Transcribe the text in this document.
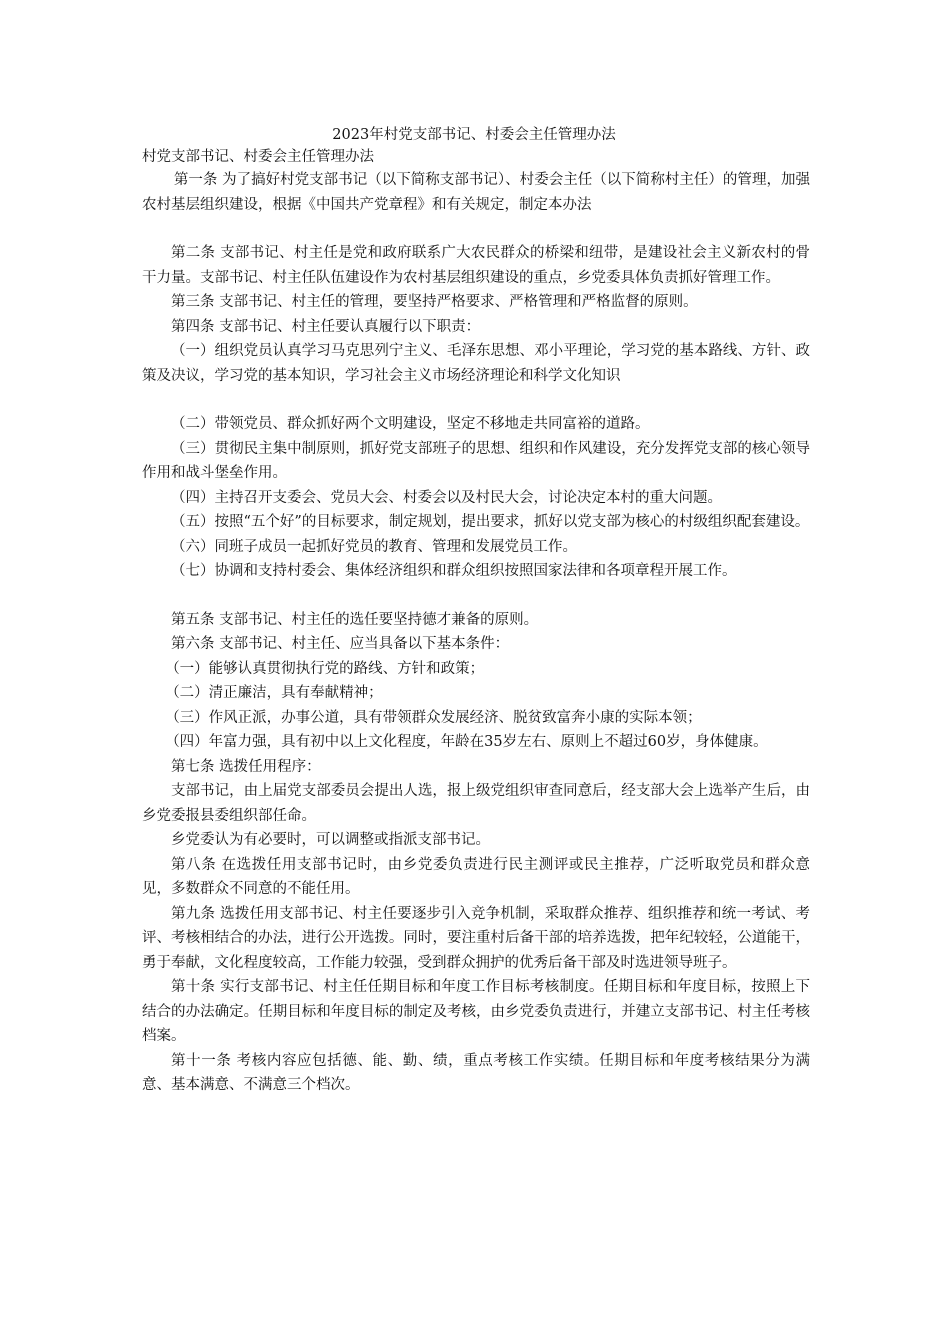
2023年村党支部书记、村委会主任管理办法

村党支部书记、村委会主任管理办法

第一条 为了搞好村党支部书记（以下简称支部书记）、村委会主任（以下简称村主任）的管理，加强农村基层组织建设，根据《中国共产党章程》和有关规定，制定本办法

第二条 支部书记、村主任是党和政府联系广大农民群众的桥梁和纽带，是建设社会主义新农村的骨干力量。支部书记、村主任队伍建设作为农村基层组织建设的重点，乡党委具体负责抓好管理工作。

第三条 支部书记、村主任的管理，要坚持严格要求、严格管理和严格监督的原则。

第四条 支部书记、村主任要认真履行以下职责：

（一）组织党员认真学习马克思列宁主义、毛泽东思想、邓小平理论，学习党的基本路线、方针、政策及决议，学习党的基本知识，学习社会主义市场经济理论和科学文化知识

（二）带领党员、群众抓好两个文明建设，坚定不移地走共同富裕的道路。

（三）贯彻民主集中制原则，抓好党支部班子的思想、组织和作风建设，充分发挥党支部的核心领导作用和战斗堡垒作用。

（四）主持召开支委会、党员大会、村委会以及村民大会，讨论决定本村的重大问题。

（五）按照“五个好”的目标要求，制定规划，提出要求，抓好以党支部为核心的村级组织配套建设。

（六）同班子成员一起抓好党员的教育、管理和发展党员工作。

（七）协调和支持村委会、集体经济组织和群众组织按照国家法律和各项章程开展工作。

第五条 支部书记、村主任的选任要坚持德才兼备的原则。

第六条 支部书记、村主任、应当具备以下基本条件：

（一）能够认真贯彻执行党的路线、方针和政策；

（二）清正廉洁，具有奉献精神；

（三）作风正派，办事公道，具有带领群众发展经济、脱贫致富奔小康的实际本领；

（四）年富力强，具有初中以上文化程度，年龄在35岁左右、原则上不超过60岁，身体健康。

第七条 选拨任用程序：

支部书记，由上届党支部委员会提出人选，报上级党组织审查同意后，经支部大会上选举产生后，由乡党委报县委组织部任命。

乡党委认为有必要时，可以调整或指派支部书记。

第八条 在选拨任用支部书记时，由乡党委负责进行民主测评或民主推荐，广泛听取党员和群众意见，多数群众不同意的不能任用。

第九条 选拨任用支部书记、村主任要逐步引入竞争机制，采取群众推荐、组织推荐和统一考试、考评、考核相结合的办法，进行公开选拨。同时，要注重村后备干部的培养选拨，把年纪较轻，公道能干，勇于奉献，文化程度较高，工作能力较强，受到群众拥护的优秀后备干部及时选进领导班子。

第十条 实行支部书记、村主任任期目标和年度工作目标考核制度。任期目标和年度目标，按照上下结合的办法确定。任期目标和年度目标的制定及考核，由乡党委负责进行，并建立支部书记、村主任考核档案。

第十一条 考核内容应包括德、能、勤、绩，重点考核工作实绩。任期目标和年度考核结果分为满意、基本满意、不满意三个档次。
